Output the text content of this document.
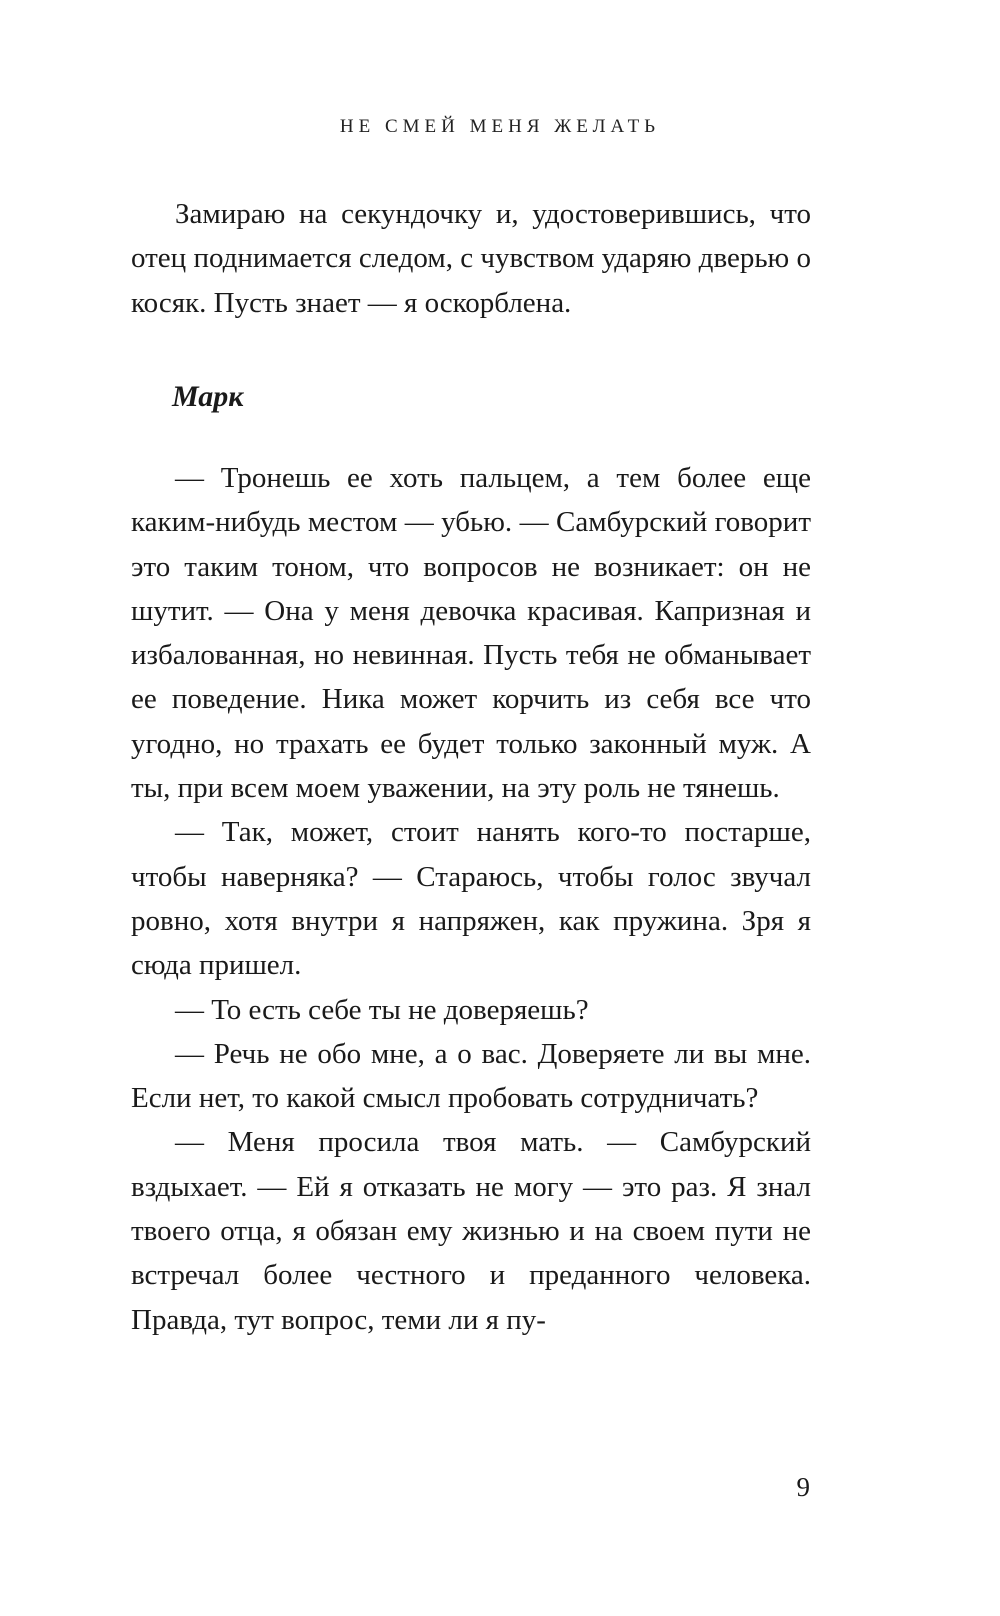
НЕ СМЕЙ МЕНЯ ЖЕЛАТЬ

Замираю на секундочку и, удостоверившись, что отец поднимается следом, с чувством ударяю дверью о косяк. Пусть знает — я оскорблена.

Марк

— Тронешь ее хоть пальцем, а тем более еще каким-нибудь местом — убью. — Самбурский говорит это таким тоном, что вопросов не возникает: он не шутит. — Она у меня девочка красивая. Капризная и избалованная, но невинная. Пусть тебя не обманывает ее поведение. Ника может корчить из себя все что угодно, но трахать ее будет только законный муж. А ты, при всем моем уважении, на эту роль не тянешь.

— Так, может, стоит нанять кого-то постарше, чтобы наверняка? — Стараюсь, чтобы голос звучал ровно, хотя внутри я напряжен, как пружина. Зря я сюда пришел.

— То есть себе ты не доверяешь?

— Речь не обо мне, а о вас. Доверяете ли вы мне. Если нет, то какой смысл пробовать сотрудничать?

— Меня просила твоя мать. — Самбурский вздыхает. — Ей я отказать не могу — это раз. Я знал твоего отца, я обязан ему жизнью и на своем пути не встречал более честного и преданного человека. Правда, тут вопрос, теми ли я пу-

9
